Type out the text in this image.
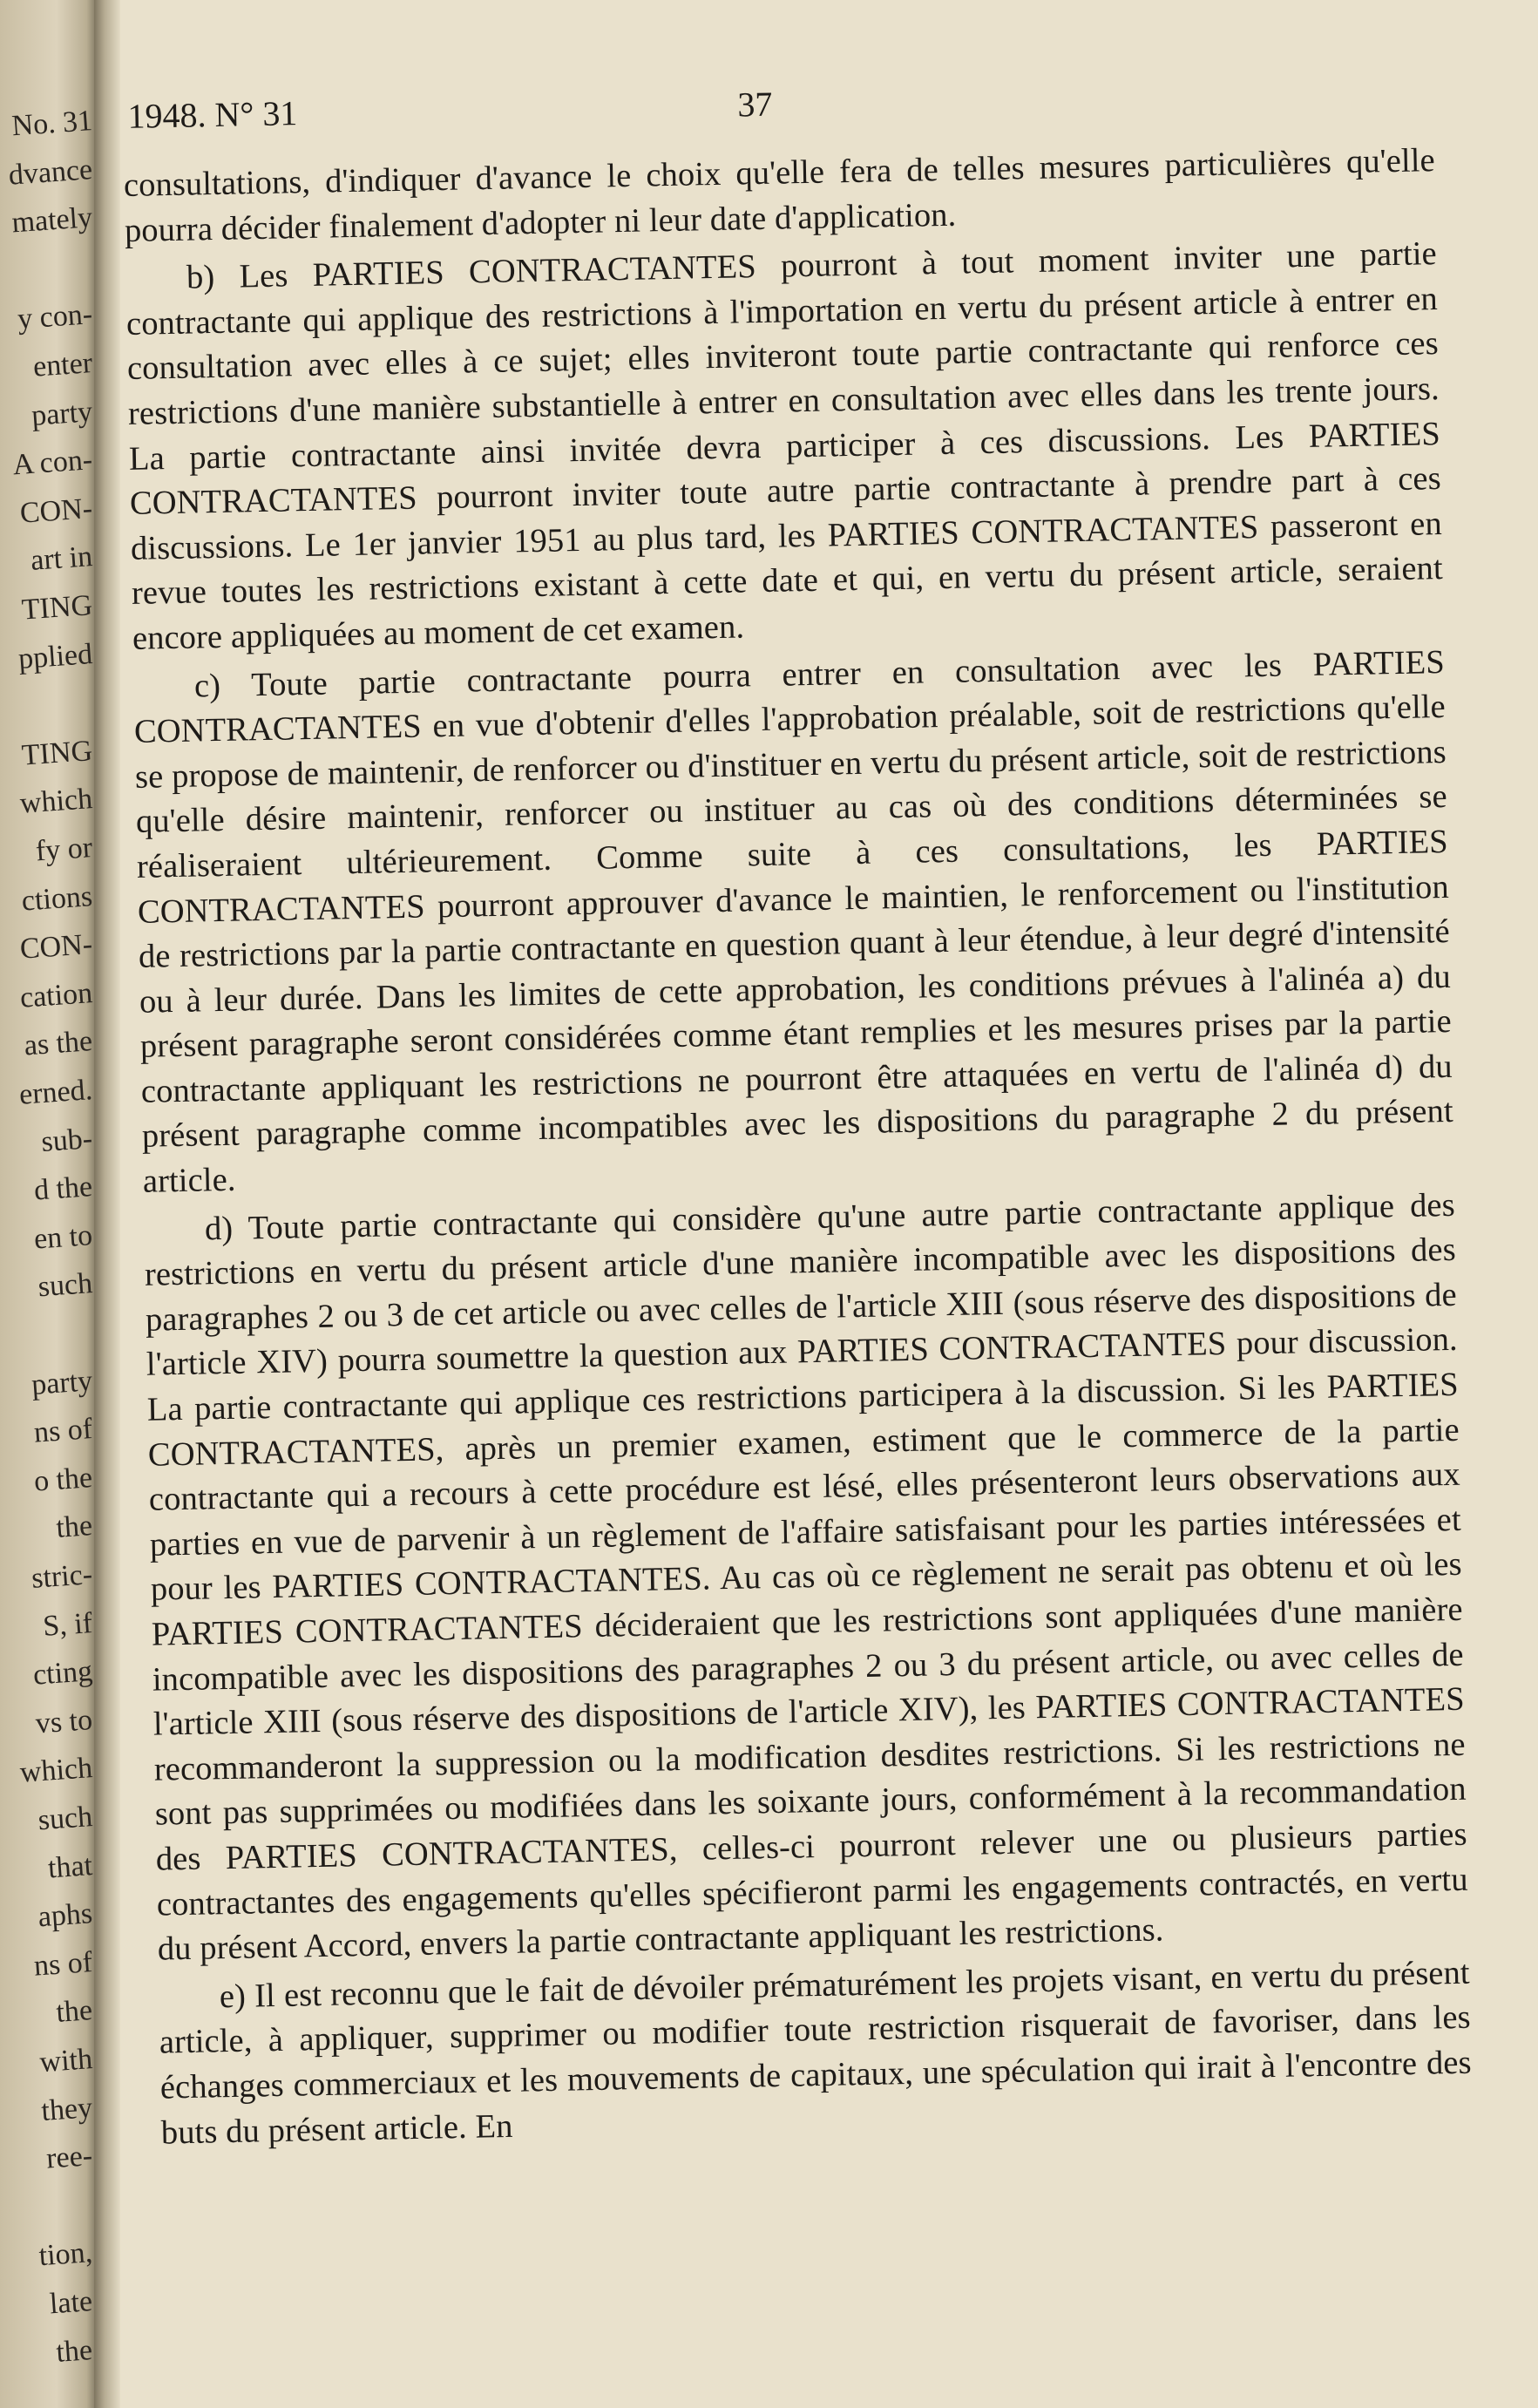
No. 31
dvance
mately
y con-
enter
party
A con-
CON-
art in
TING
pplied
TING
which
fy or
ctions
CON-
cation
as the
erned.
sub-
d the
en to
such
party
ns of
o the
the
stric-
S, if
cting
vs to
which
such
that
aphs
ns of
the
with
they
ree-
tion,
late
the
1948. N° 31	37

consultations, d'indiquer d'avance le choix qu'elle fera de telles mesures particulières qu'elle pourra décider finalement d'adopter ni leur date d'application.

b) Les PARTIES CONTRACTANTES pourront à tout moment inviter une partie contractante qui applique des restrictions à l'importation en vertu du présent article à entrer en consultation avec elles à ce sujet; elles inviteront toute partie contractante qui renforce ces restrictions d'une manière substantielle à entrer en consultation avec elles dans les trente jours. La partie contractante ainsi invitée devra participer à ces discussions. Les PARTIES CONTRACTANTES pourront inviter toute autre partie contractante à prendre part à ces discussions. Le 1er janvier 1951 au plus tard, les PARTIES CONTRACTANTES passeront en revue toutes les restrictions existant à cette date et qui, en vertu du présent article, seraient encore appliquées au moment de cet examen.

c) Toute partie contractante pourra entrer en consultation avec les PARTIES CONTRACTANTES en vue d'obtenir d'elles l'approbation préalable, soit de restrictions qu'elle se propose de maintenir, de renforcer ou d'instituer en vertu du présent article, soit de restrictions qu'elle désire maintenir, renforcer ou instituer au cas où des conditions déterminées se réaliseraient ultérieurement. Comme suite à ces consultations, les PARTIES CONTRACTANTES pourront approuver d'avance le maintien, le renforcement ou l'institution de restrictions par la partie contractante en question quant à leur étendue, à leur degré d'intensité ou à leur durée. Dans les limites de cette approbation, les conditions prévues à l'alinéa a) du présent paragraphe seront considérées comme étant remplies et les mesures prises par la partie contractante appliquant les restrictions ne pourront être attaquées en vertu de l'alinéa d) du présent paragraphe comme incompatibles avec les dispositions du paragraphe 2 du présent article.

d) Toute partie contractante qui considère qu'une autre partie contractante applique des restrictions en vertu du présent article d'une manière incompatible avec les dispositions des paragraphes 2 ou 3 de cet article ou avec celles de l'article XIII (sous réserve des dispositions de l'article XIV) pourra soumettre la question aux PARTIES CONTRACTANTES pour discussion. La partie contractante qui applique ces restrictions participera à la discussion. Si les PARTIES CONTRACTANTES, après un premier examen, estiment que le commerce de la partie contractante qui a recours à cette procédure est lésé, elles présenteront leurs observations aux parties en vue de parvenir à un règlement de l'affaire satisfaisant pour les parties intéressées et pour les PARTIES CONTRACTANTES. Au cas où ce règlement ne serait pas obtenu et où les PARTIES CONTRACTANTES décideraient que les restrictions sont appliquées d'une manière incompatible avec les dispositions des paragraphes 2 ou 3 du présent article, ou avec celles de l'article XIII (sous réserve des dispositions de l'article XIV), les PARTIES CONTRACTANTES recommanderont la suppression ou la modification desdites restrictions. Si les restrictions ne sont pas supprimées ou modifiées dans les soixante jours, conformément à la recommandation des PARTIES CONTRACTANTES, celles-ci pourront relever une ou plusieurs parties contractantes des engagements qu'elles spécifieront parmi les engagements contractés, en vertu du présent Accord, envers la partie contractante appliquant les restrictions.

e) Il est reconnu que le fait de dévoiler prématurément les projets visant, en vertu du présent article, à appliquer, supprimer ou modifier toute restriction risquerait de favoriser, dans les échanges commerciaux et les mouvements de capitaux, une spéculation qui irait à l'encontre des buts du présent article. En
